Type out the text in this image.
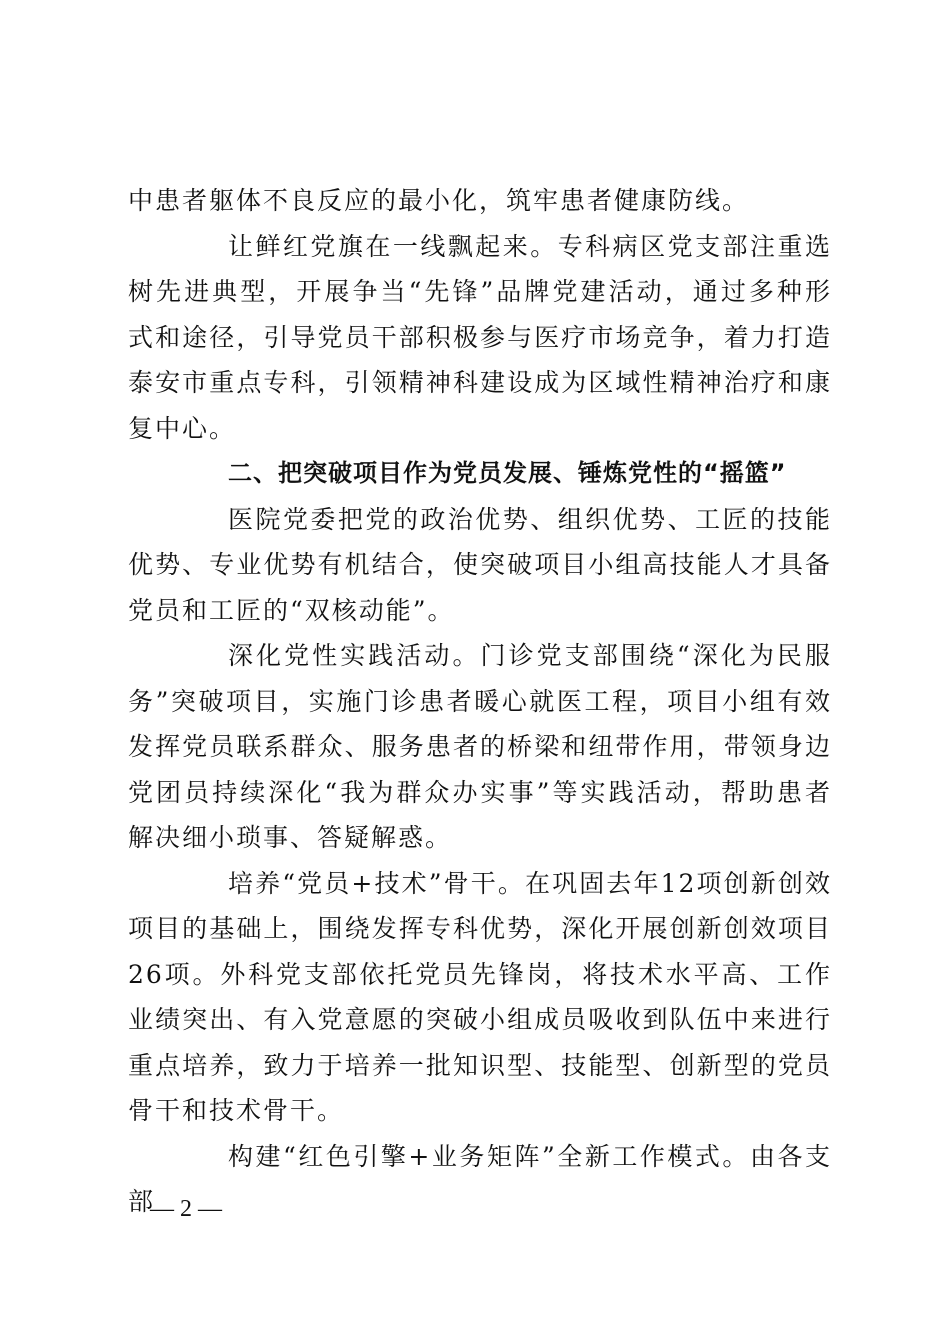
中患者躯体不良反应的最小化，筑牢患者健康防线。

让鲜红党旗在一线飘起来。专科病区党支部注重选树先进典型，开展争当“先锋”品牌党建活动，通过多种形式和途径，引导党员干部积极参与医疗市场竞争，着力打造泰安市重点专科，引领精神科建设成为区域性精神治疗和康复中心。

二、把突破项目作为党员发展、锤炼党性的“摇篮”

医院党委把党的政治优势、组织优势、工匠的技能优势、专业优势有机结合，使突破项目小组高技能人才具备党员和工匠的“双核动能”。

深化党性实践活动。门诊党支部围绕“深化为民服务”突破项目，实施门诊患者暖心就医工程，项目小组有效发挥党员联系群众、服务患者的桥梁和纽带作用，带领身边党团员持续深化“我为群众办实事”等实践活动，帮助患者解决细小琐事、答疑解惑。

培养“党员+技术”骨干。在巩固去年12项创新创效项目的基础上，围绕发挥专科优势，深化开展创新创效项目26项。外科党支部依托党员先锋岗，将技术水平高、工作业绩突出、有入党意愿的突破小组成员吸收到队伍中来进行重点培养，致力于培养一批知识型、技能型、创新型的党员骨干和技术骨干。

构建“红色引擎+业务矩阵”全新工作模式。由各支部

— 2 —
